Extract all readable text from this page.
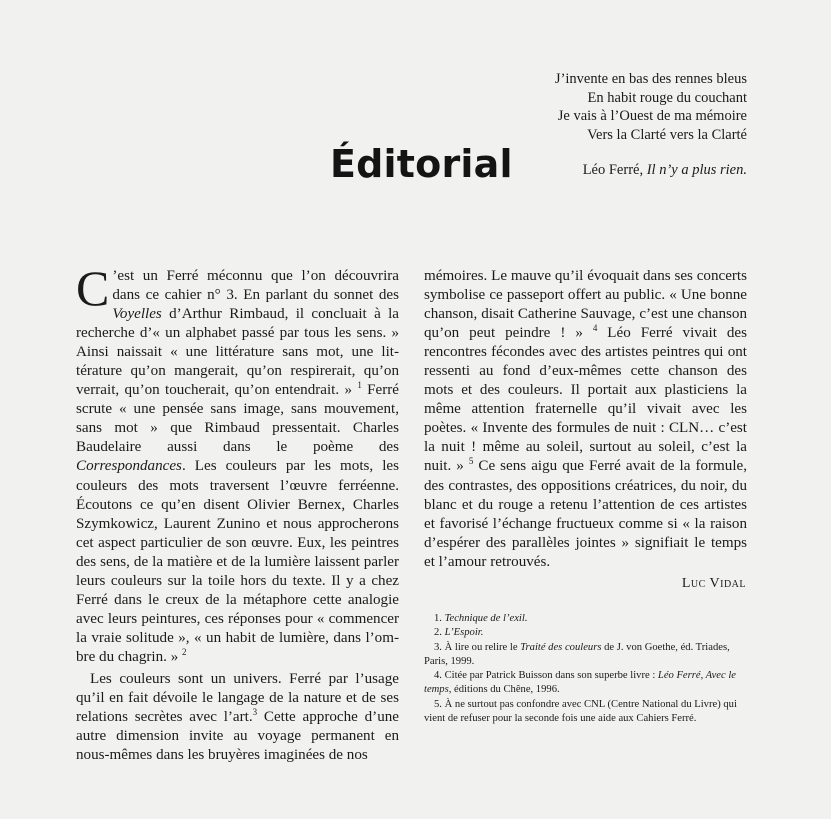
J’invente en bas des rennes bleus
En habit rouge du couchant
Je vais à l’Ouest de ma mémoire
Vers la Clarté vers la Clarté
Léo Ferré, Il n’y a plus rien.
Éditorial

C ’est un Ferré méconnu que l’on découvrira dans ce cahier n° 3. En parlant du sonnet des Voyelles d’Arthur Rimbaud, il concluait à la recherche d’« un alphabet passé par tous les sens. » Ainsi naissait « une littérature sans mot, une littérature qu’on mangerait, qu’on respirerait, qu’on verrait, qu’on toucherait, qu’on entendrait. » $^1$ Ferré scrute « une pensée sans image, sans mouvement, sans mot » que Rimbaud pressentait. Charles Baudelaire aussi dans le poème des Correspondances. Les couleurs par les mots, les couleurs des mots traversent l’œuvre ferréenne. Écoutons ce qu’en disent Olivier Bernex, Charles Szymkowicz, Laurent Zunino et nous approcherons cet aspect particulier de son œuvre. Eux, les peintres des sens, de la matière et de la lumière laissent parler leurs couleurs sur la toile hors du texte. Il y a chez Ferré dans le creux de la métaphore cette analogie avec leurs peintures, ces réponses pour « commencer la vraie solitude », « un habit de lumière, dans l’ombre du chagrin. » $^2$

Les couleurs sont un univers. Ferré par l’usage qu’il en fait dévoile le langage de la nature et de ses relations secrètes avec l’art.$^3$ Cette approche d’une autre dimension invite au voyage permanent en nous-mêmes dans les bruyères imaginées de nos

mémoires. Le mauve qu’il évoquait dans ses concerts symbolise ce passeport offert au public. « Une bonne chanson, disait Catherine Sauvage, c’est une chanson qu’on peut peindre ! » $^4$ Léo Ferré vivait des rencontres fécondes avec des artistes peintres qui ont ressenti au fond d’eux-mêmes cette chanson des mots et des couleurs. Il portait aux plasticiens la même attention fraternelle qu’il vivait avec les poètes. « Invente des formules de nuit : CLN… c’est la nuit ! même au soleil, surtout au soleil, c’est la nuit. » $^5$ Ce sens aigu que Ferré avait de la formule, des contrastes, des oppositions créatrices, du noir, du blanc et du rouge a retenu l’attention de ces artistes et favorisé l’échange fructueux comme si « la raison d’espérer des parallèles jointes » signifiait le temps et l’amour retrouvés.

Luc Vidal
1. Technique de l’exil.
2. L’Espoir.
3. À lire ou relire le Traité des couleurs de J. von Goethe, éd. Triades, Paris, 1999.
4. Citée par Patrick Buisson dans son superbe livre : Léo Ferré, Avec le temps, éditions du Chêne, 1996.
5. À ne surtout pas confondre avec CNL (Centre National du Livre) qui vient de refuser pour la seconde fois une aide aux Cahiers Ferré.
